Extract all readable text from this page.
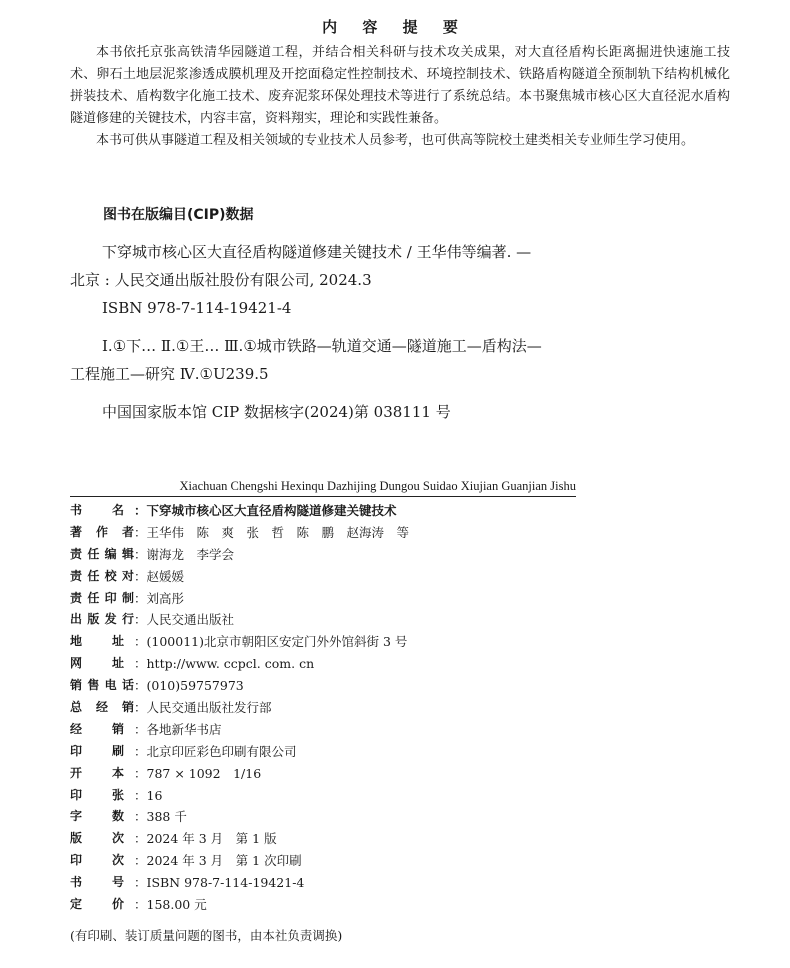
内 容 提 要

本书依托京张高铁清华园隧道工程，并结合相关科研与技术攻关成果，对大直径盾构长距离掘进快速施工技术、卵石土地层泥浆渗透成膜机理及开挖面稳定性控制技术、环境控制技术、铁路盾构隧道全预制轨下结构机械化拼装技术、盾构数字化施工技术、废弃泥浆环保处理技术等进行了系统总结。本书聚焦城市核心区大直径泥水盾构隧道修建的关键技术，内容丰富，资料翔实，理论和实践性兼备。

本书可供从事隧道工程及相关领域的专业技术人员参考，也可供高等院校土建类相关专业师生学习使用。

图书在版编目(CIP)数据

下穿城市核心区大直径盾构隧道修建关键技术 / 王华伟等编著. — 北京 : 人民交通出版社股份有限公司, 2024.3

ISBN 978-7-114-19421-4

Ⅰ.①下… Ⅱ.①王… Ⅲ.①城市铁路—轨道交通—隧道施工—盾构法—工程施工—研究 Ⅳ.①U239.5

中国国家版本馆 CIP 数据核字(2024)第 038111 号

Xiachuan Chengshi Hexinqu Dazhijing Dungou Suidao Xiujian Guanjian Jishu
书	名 ：下穿城市核心区大直径盾构隧道修建关键技术
著 作 者 ：王华伟　陈　爽　张　哲　陈　鹏　赵海涛　等
责 任 编 辑 ：谢海龙　李学会
责 任 校 对 ：赵媛媛
责 任 印 制 ：刘高彤
出 版 发 行 ：人民交通出版社
地	址 ：(100011)北京市朝阳区安定门外外馆斜街 3 号
网	址 ：http://www. ccpcl. com. cn
销 售 电 话 ：(010)59757973
总 经 销 ：人民交通出版社发行部
经	销 ：各地新华书店
印	刷 ：北京印匠彩色印刷有限公司
开	本 ：787 × 1092　1/16
印	张 ：16
字	数 ：388 千
版	次 ：2024 年 3 月　第 1 版
印	次 ：2024 年 3 月　第 1 次印刷
书	号 ：ISBN 978-7-114-19421-4
定	价 ：158.00 元
(有印刷、装订质量问题的图书，由本社负责调换)
